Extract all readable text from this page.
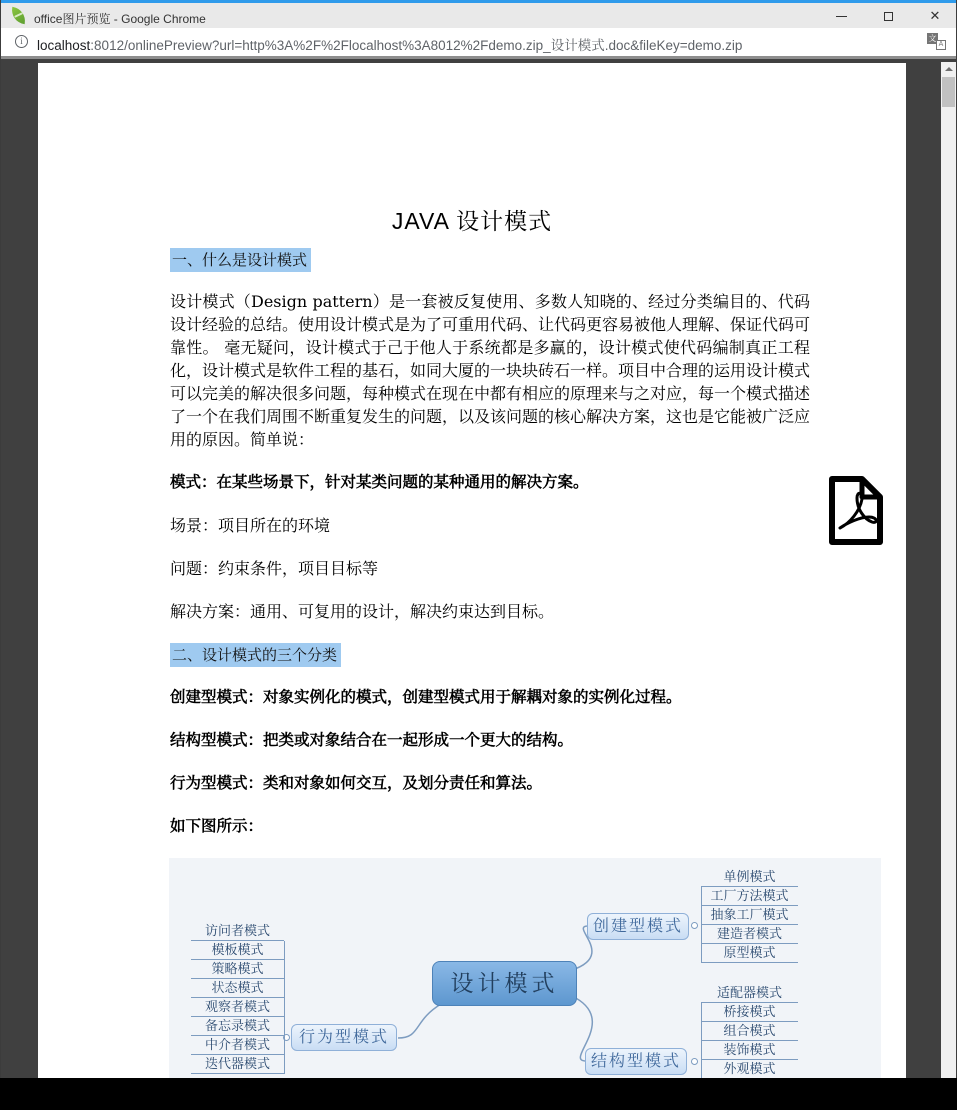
office图片预览 - Google Chrome	✕
i	localhost:8012/onlinePreview?url=http%3A%2F%2Flocalhost%3A8012%2Fdemo.zip_设计模式.doc&fileKey=demo.zip	文
A
JAVA 设计模式
一、什么是设计模式
设计模式（Design pattern）是一套被反复使用、多数人知晓的、经过分类编目的、代码设计经验的总结。使用设计模式是为了可重用代码、让代码更容易被他人理解、保证代码可靠性。 毫无疑问，设计模式于己于他人于系统都是多赢的，设计模式使代码编制真正工程化，设计模式是软件工程的基石，如同大厦的一块块砖石一样。项目中合理的运用设计模式可以完美的解决很多问题，每种模式在现在中都有相应的原理来与之对应，每一个模式描述了一个在我们周围不断重复发生的问题，以及该问题的核心解决方案，这也是它能被广泛应用的原因。简单说：
模式：在某些场景下，针对某类问题的某种通用的解决方案。
场景：项目所在的环境
问题：约束条件，项目目标等
解决方案：通用、可复用的设计，解决约束达到目标。
二、设计模式的三个分类
创建型模式：对象实例化的模式，创建型模式用于解耦对象的实例化过程。
结构型模式：把类或对象结合在一起形成一个更大的结构。
行为型模式：类和对象如何交互，及划分责任和算法。
如下图所示：
设计模式
行为型模式
创建型模式
结构型模式
访问者模式
模板模式
策略模式
状态模式
观察者模式
备忘录模式
中介者模式
迭代器模式
单例模式
工厂方法模式
抽象工厂模式
建造者模式
原型模式
适配器模式
桥接模式
组合模式
装饰模式
外观模式
